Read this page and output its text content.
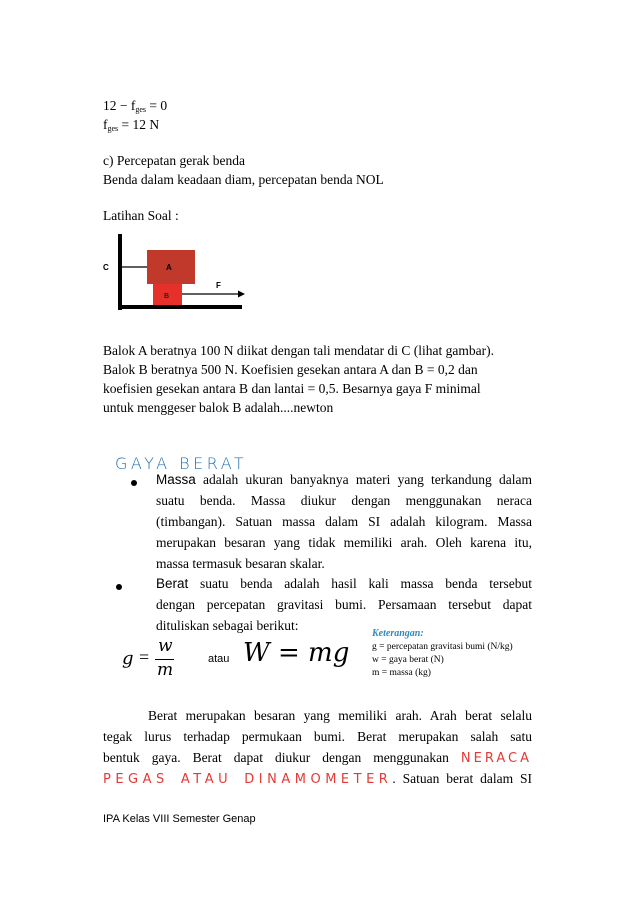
$12 - f_{ges} = 0$
$f_{ges} = 12$ N
c) Percepatan gerak benda
Benda dalam keadaan diam, percepatan benda NOL
Latihan Soal :
C	A
B
F
Balok A beratnya 100 N diikat dengan tali mendatar di C (lihat gambar).
Balok B beratnya 500 N. Koefisien gesekan antara A dan B = 0,2 dan
koefisien gesekan antara B dan lantai = 0,5. Besarnya gaya F minimal
untuk menggeser balok B adalah....newton
GAYA BERAT
Massa adalah ukuran banyaknya materi yang terkandung dalam
suatu benda. Massa diukur dengan menggunakan neraca
(timbangan). Satuan massa dalam SI adalah kilogram. Massa
merupakan besaran yang tidak memiliki arah. Oleh karena itu,
massa termasuk besaran skalar.
Berat suatu benda adalah hasil kali massa benda tersebut
dengan percepatan gravitasi bumi. Persamaan tersebut dapat
dituliskan sebagai berikut:
g =
w
m
atau W = mg
Keterangan:
g = percepatan gravitasi bumi (N/kg)
w = gaya berat (N)
m = massa (kg)
Berat merupakan besaran yang memiliki arah. Arah berat selalu
tegak lurus terhadap permukaan bumi. Berat merupakan salah satu
bentuk gaya. Berat dapat diukur dengan menggunakan NERACA
PEGAS ATAU DINAMOMETER. Satuan berat dalam SI
IPA Kelas VIII Semester Genap
